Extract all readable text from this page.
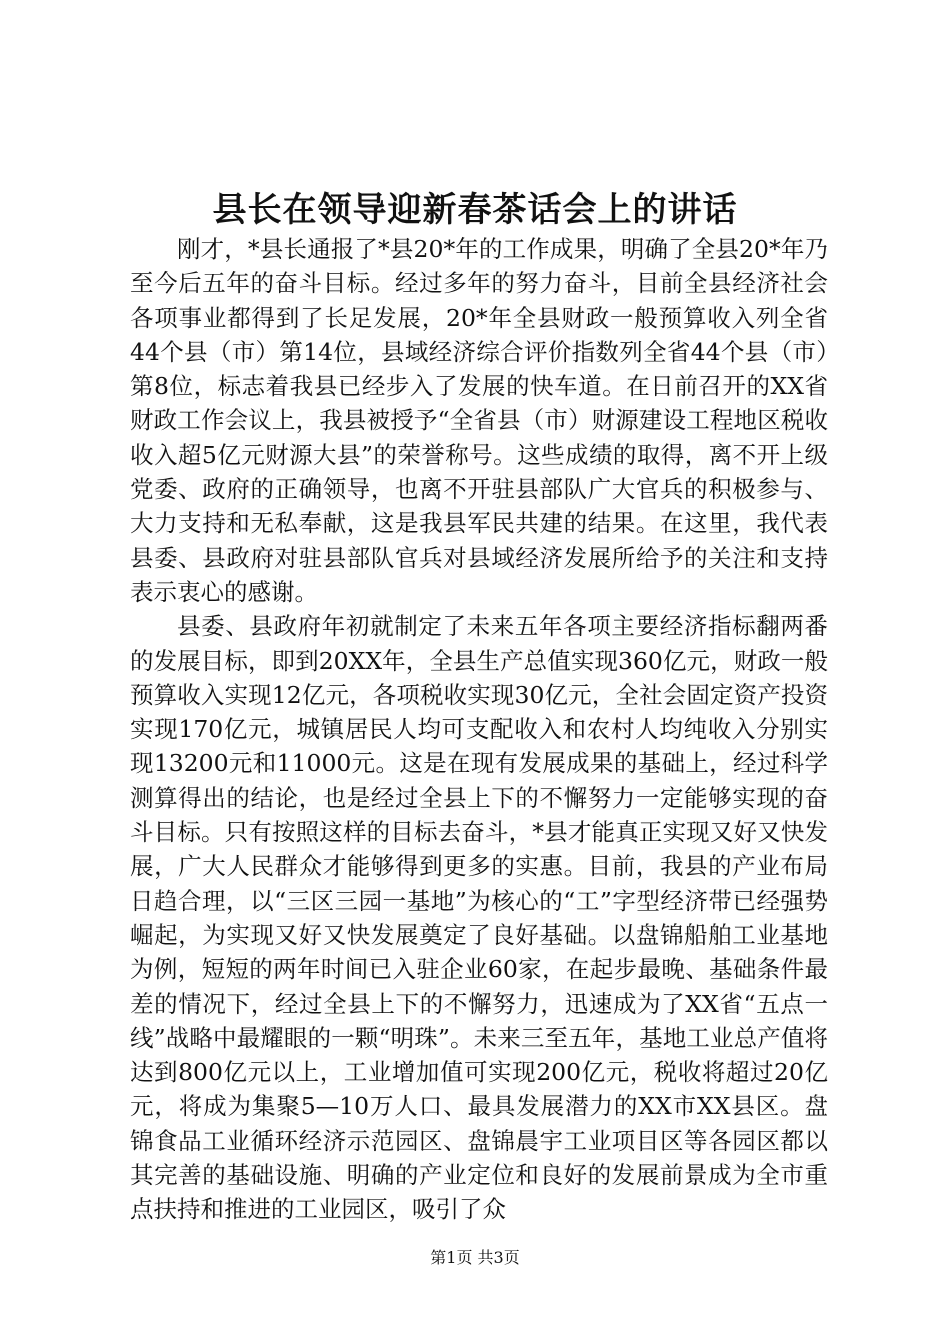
县长在领导迎新春茶话会上的讲话

刚才，*县长通报了*县20*年的工作成果，明确了全县20*年乃至今后五年的奋斗目标。经过多年的努力奋斗，目前全县经济社会各项事业都得到了长足发展，20*年全县财政一般预算收入列全省44个县（市）第14位，县域经济综合评价指数列全省44个县（市）第8位，标志着我县已经步入了发展的快车道。在日前召开的XX省财政工作会议上，我县被授予“全省县（市）财源建设工程地区税收收入超5亿元财源大县”的荣誉称号。这些成绩的取得，离不开上级党委、政府的正确领导，也离不开驻县部队广大官兵的积极参与、大力支持和无私奉献，这是我县军民共建的结果。在这里，我代表县委、县政府对驻县部队官兵对县域经济发展所给予的关注和支持表示衷心的感谢。

县委、县政府年初就制定了未来五年各项主要经济指标翻两番的发展目标，即到20XX年，全县生产总值实现360亿元，财政一般预算收入实现12亿元，各项税收实现30亿元，全社会固定资产投资实现170亿元，城镇居民人均可支配收入和农村人均纯收入分别实现13200元和11000元。这是在现有发展成果的基础上，经过科学测算得出的结论，也是经过全县上下的不懈努力一定能够实现的奋斗目标。只有按照这样的目标去奋斗，*县才能真正实现又好又快发展，广大人民群众才能够得到更多的实惠。目前，我县的产业布局日趋合理，以“三区三园一基地”为核心的“工”字型经济带已经强势崛起，为实现又好又快发展奠定了良好基础。以盘锦船舶工业基地为例，短短的两年时间已入驻企业60家，在起步最晚、基础条件最差的情况下，经过全县上下的不懈努力，迅速成为了XX省“五点一线”战略中最耀眼的一颗“明珠”。未来三至五年，基地工业总产值将达到800亿元以上，工业增加值可实现200亿元，税收将超过20亿元，将成为集聚5—10万人口、最具发展潜力的XX市XX县区。盘锦食品工业循环经济示范园区、盘锦晨宇工业项目区等各园区都以其完善的基础设施、明确的产业定位和良好的发展前景成为全市重点扶持和推进的工业园区，吸引了众

第1页 共3页
